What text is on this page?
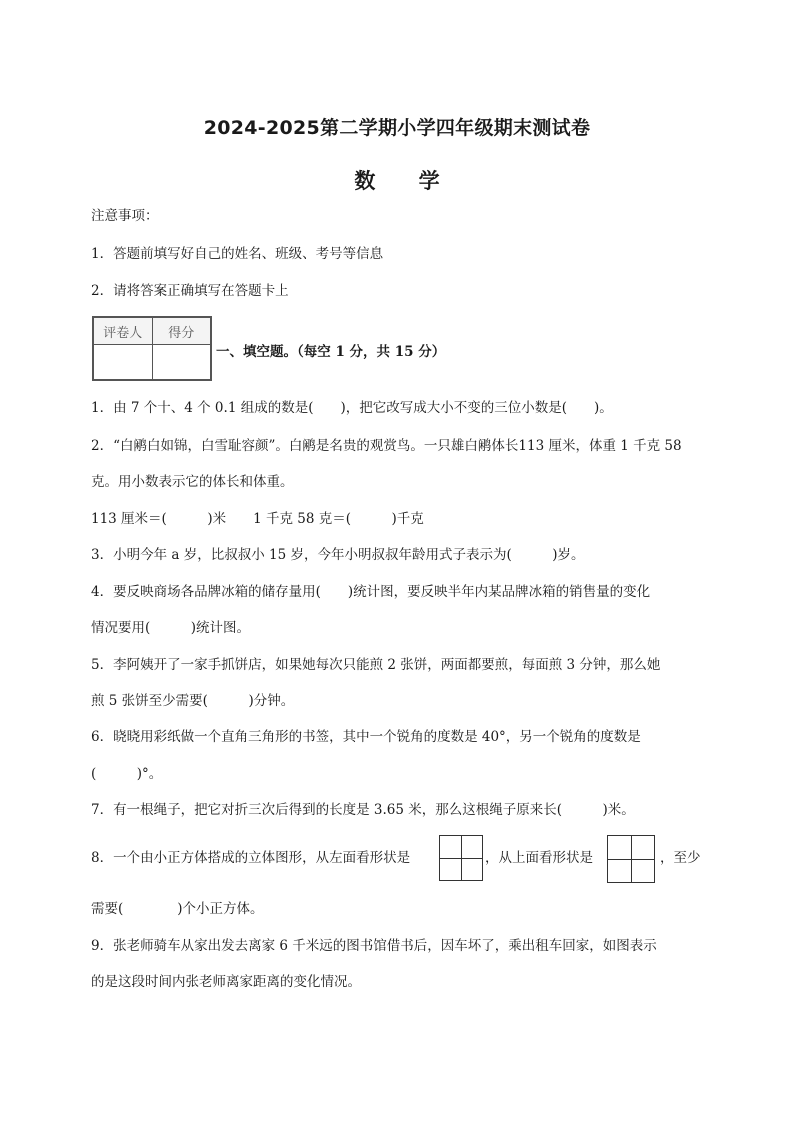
2024-2025第二学期小学四年级期末测试卷
数 学
注意事项：
1．答题前填写好自己的姓名、班级、考号等信息
2．请将答案正确填写在答题卡上
评卷人	得分

一、填空题。（每空 1 分，共 15 分）
1．由 7 个十、4 个 0.1 组成的数是(　　)，把它改写成大小不变的三位小数是(　　)。
2．“白鹇白如锦，白雪耻容颜”。白鹇是名贵的观赏鸟。一只雄白鹇体长113 厘米，体重 1 千克 58
克。用小数表示它的体长和体重。
113 厘米＝(　　　)米　　1 千克 58 克＝(　　　)千克
3．小明今年 a 岁，比叔叔小 15 岁，今年小明叔叔年龄用式子表示为(　　　)岁。
4．要反映商场各品牌冰箱的储存量用(　　)统计图，要反映半年内某品牌冰箱的销售量的变化
情况要用(　　　)统计图。
5．李阿姨开了一家手抓饼店，如果她每次只能煎 2 张饼，两面都要煎，每面煎 3 分钟，那么她
煎 5 张饼至少需要(　　　)分钟。
6．晓晓用彩纸做一个直角三角形的书签，其中一个锐角的度数是 40°，另一个锐角的度数是
(　　　)°。
7．有一根绳子，把它对折三次后得到的长度是 3.65 米，那么这根绳子原来长(　　　)米。
8．一个由小正方体搭成的立体图形，从左面看形状是	，从上面看形状是	，至少
需要(　　　　)个小正方体。
9．张老师骑车从家出发去离家 6 千米远的图书馆借书后，因车坏了，乘出租车回家，如图表示
的是这段时间内张老师离家距离的变化情况。
